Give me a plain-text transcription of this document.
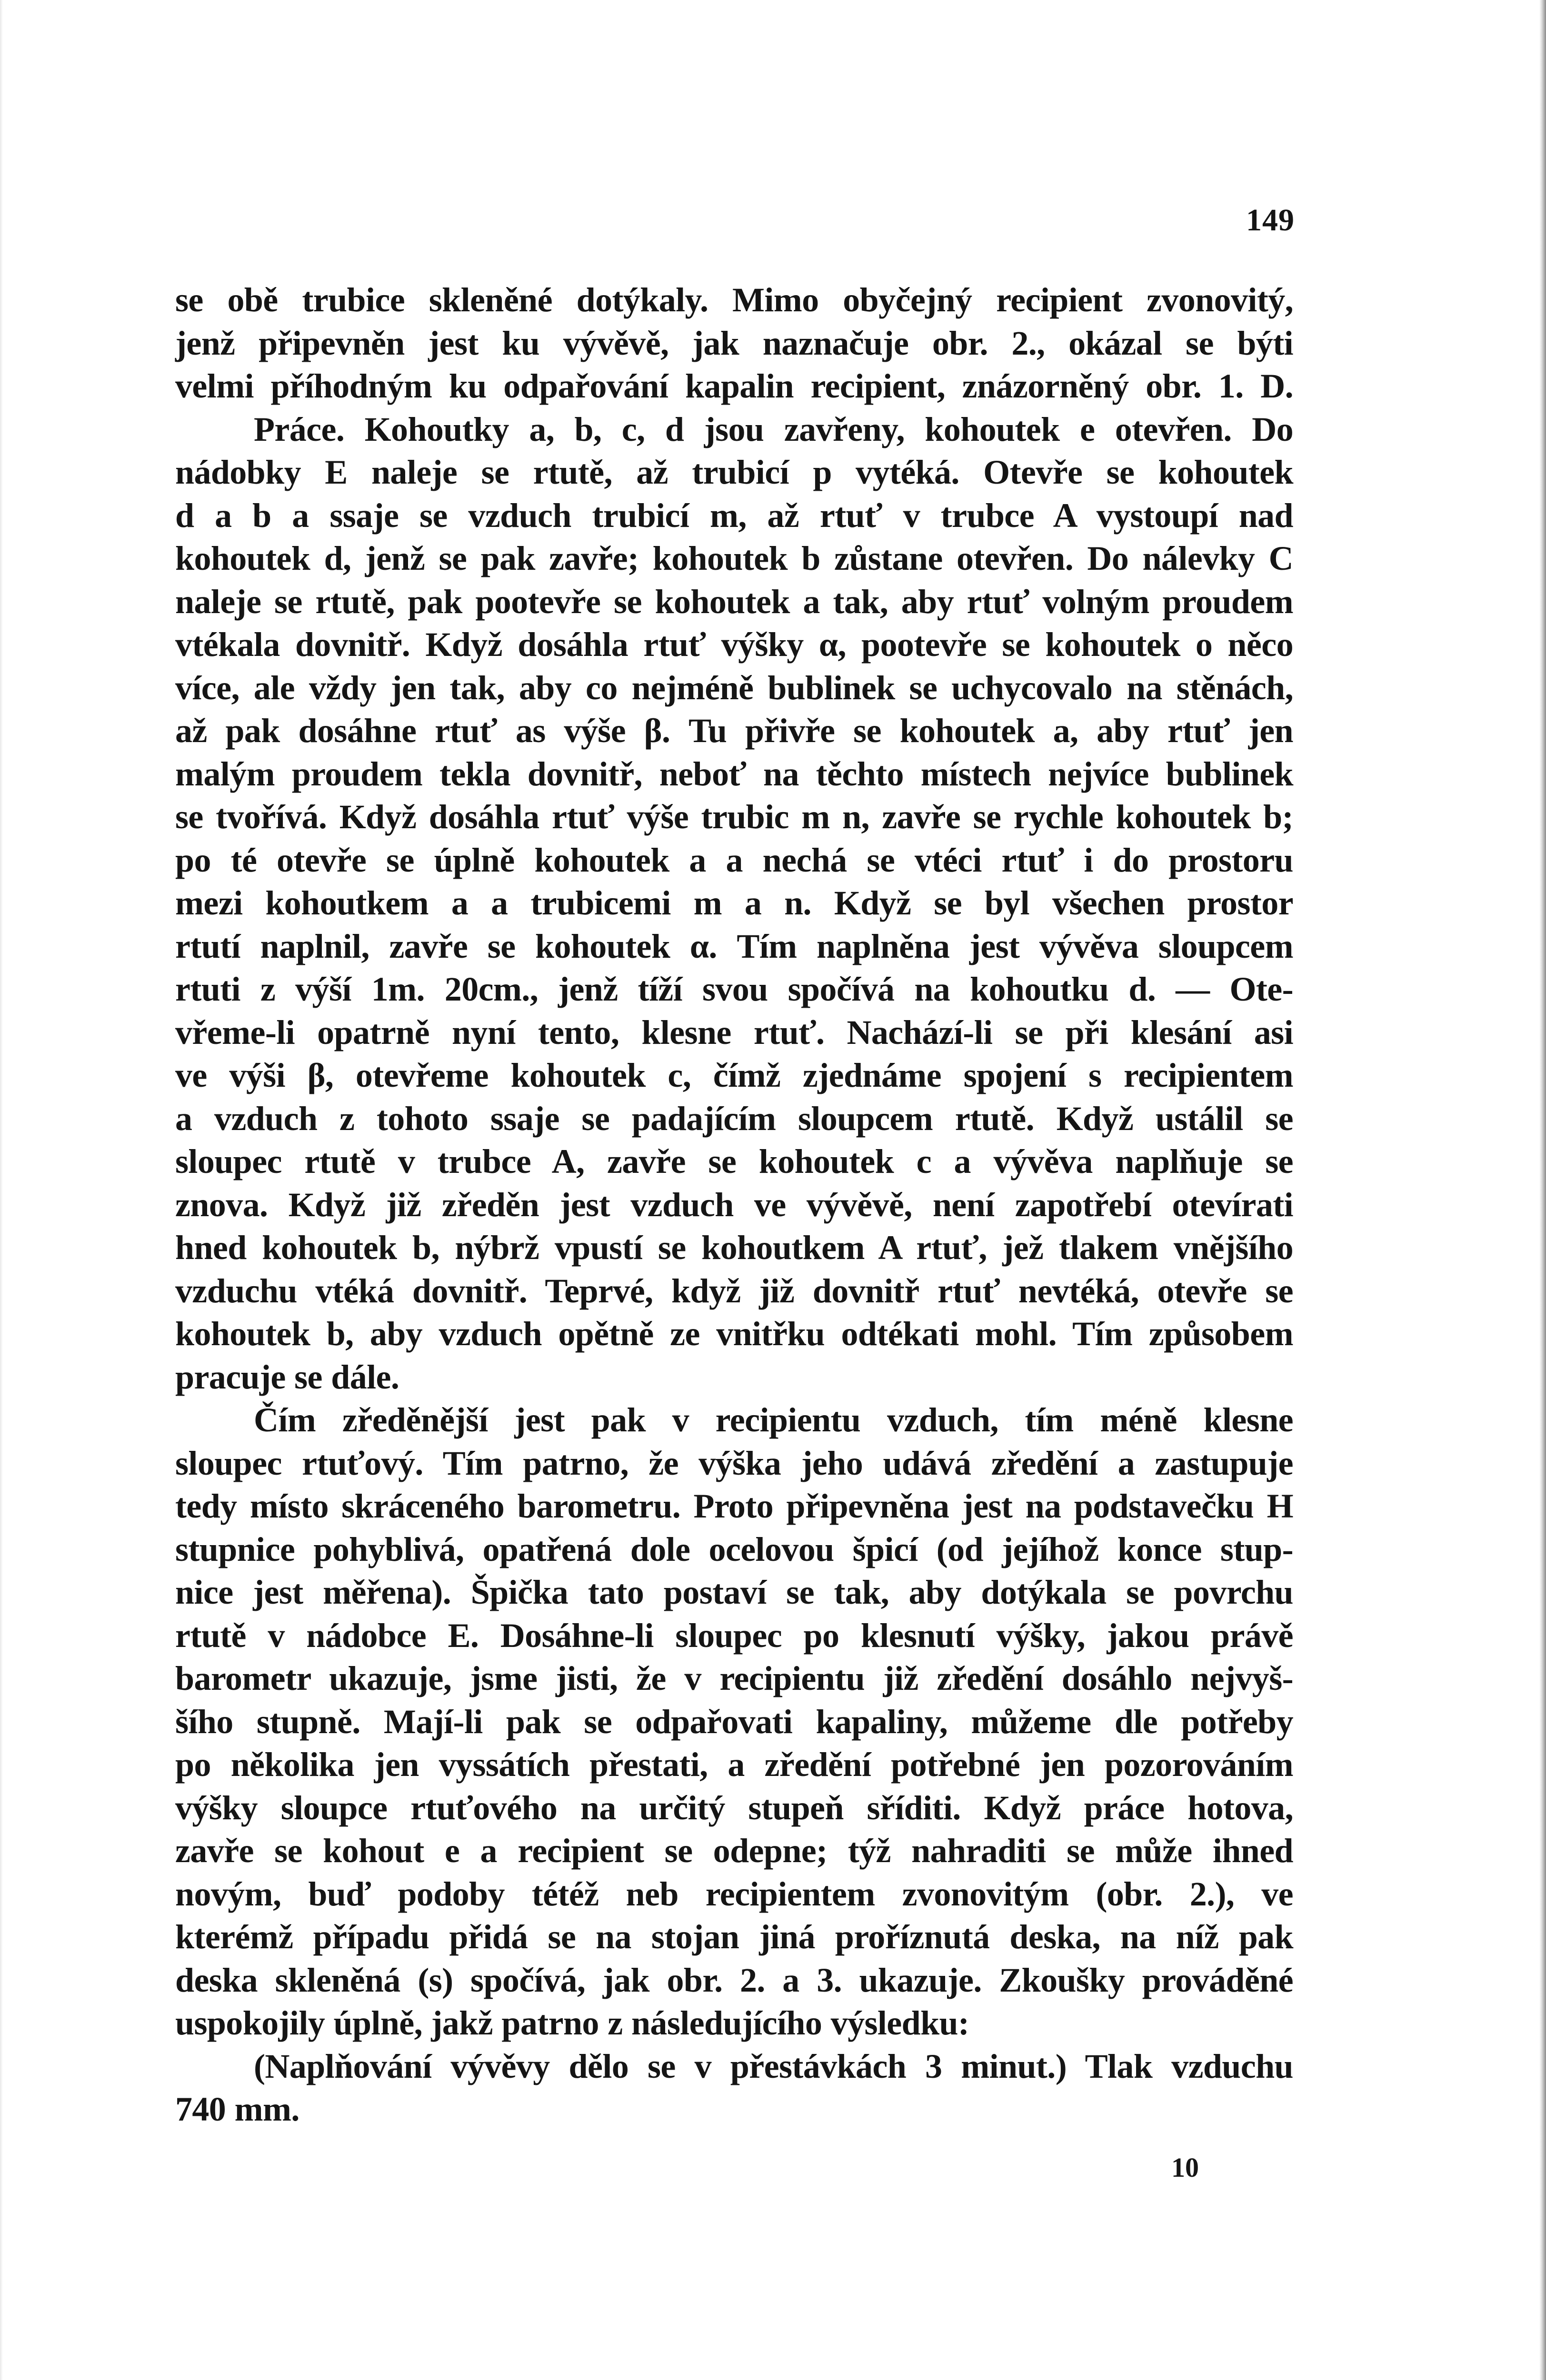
149
se obě trubice skleněné dotýkaly. Mimo obyčejný recipient zvonovitý,
jenž připevněn jest ku vývěvě, jak naznačuje obr. 2., okázal se býti
velmi příhodným ku odpařování kapalin recipient, znázorněný obr. 1. D.
Práce. Kohoutky a, b, c, d jsou zavřeny, kohoutek e otevřen. Do
nádobky E naleje se rtutě, až trubicí p vytéká. Otevře se kohoutek
d a b a ssaje se vzduch trubicí m, až rtuť v trubce A vystoupí nad
kohoutek d, jenž se pak zavře; kohoutek b zůstane otevřen. Do nálevky C
naleje se rtutě, pak pootevře se kohoutek a tak, aby rtuť volným proudem
vtékala dovnitř. Když dosáhla rtuť výšky α, pootevře se kohoutek o něco
více, ale vždy jen tak, aby co nejméně bublinek se uchycovalo na stěnách,
až pak dosáhne rtuť as výše β. Tu přivře se kohoutek a, aby rtuť jen
malým proudem tekla dovnitř, neboť na těchto místech nejvíce bublinek
se tvořívá. Když dosáhla rtuť výše trubic m n, zavře se rychle kohoutek b;
po té otevře se úplně kohoutek a a nechá se vtéci rtuť i do prostoru
mezi kohoutkem a a trubicemi m a n. Když se byl všechen prostor
rtutí naplnil, zavře se kohoutek α. Tím naplněna jest vývěva sloupcem
rtuti z výší 1m. 20cm., jenž tíží svou spočívá na kohoutku d. — Ote-
vřeme-li opatrně nyní tento, klesne rtuť. Nachází-li se při klesání asi
ve výši β, otevřeme kohoutek c, čímž zjednáme spojení s recipientem
a vzduch z tohoto ssaje se padajícím sloupcem rtutě. Když ustálil se
sloupec rtutě v trubce A, zavře se kohoutek c a vývěva naplňuje se
znova. Když již zředěn jest vzduch ve vývěvě, není zapotřebí otevírati
hned kohoutek b, nýbrž vpustí se kohoutkem A rtuť, jež tlakem vnějšího
vzduchu vtéká dovnitř. Teprvé, když již dovnitř rtuť nevtéká, otevře se
kohoutek b, aby vzduch opětně ze vnitřku odtékati mohl. Tím způsobem
pracuje se dále.
Čím zředěnější jest pak v recipientu vzduch, tím méně klesne
sloupec rtuťový. Tím patrno, že výška jeho udává zředění a zastupuje
tedy místo skráceného barometru. Proto připevněna jest na podstavečku H
stupnice pohyblivá, opatřená dole ocelovou špicí (od jejíhož konce stup-
nice jest měřena). Špička tato postaví se tak, aby dotýkala se povrchu
rtutě v nádobce E. Dosáhne-li sloupec po klesnutí výšky, jakou právě
barometr ukazuje, jsme jisti, že v recipientu již zředění dosáhlo nejvyš-
šího stupně. Mají-li pak se odpařovati kapaliny, můžeme dle potřeby
po několika jen vyssátích přestati, a zředění potřebné jen pozorováním
výšky sloupce rtuťového na určitý stupeň sříditi. Když práce hotova,
zavře se kohout e a recipient se odepne; týž nahraditi se může ihned
novým, buď podoby tétéž neb recipientem zvonovitým (obr. 2.), ve
kterémž případu přidá se na stojan jiná proříznutá deska, na níž pak
deska skleněná (s) spočívá, jak obr. 2. a 3. ukazuje. Zkoušky prováděné
uspokojily úplně, jakž patrno z následujícího výsledku:
(Naplňování vývěvy dělo se v přestávkách 3 minut.) Tlak vzduchu
740 mm.
10
